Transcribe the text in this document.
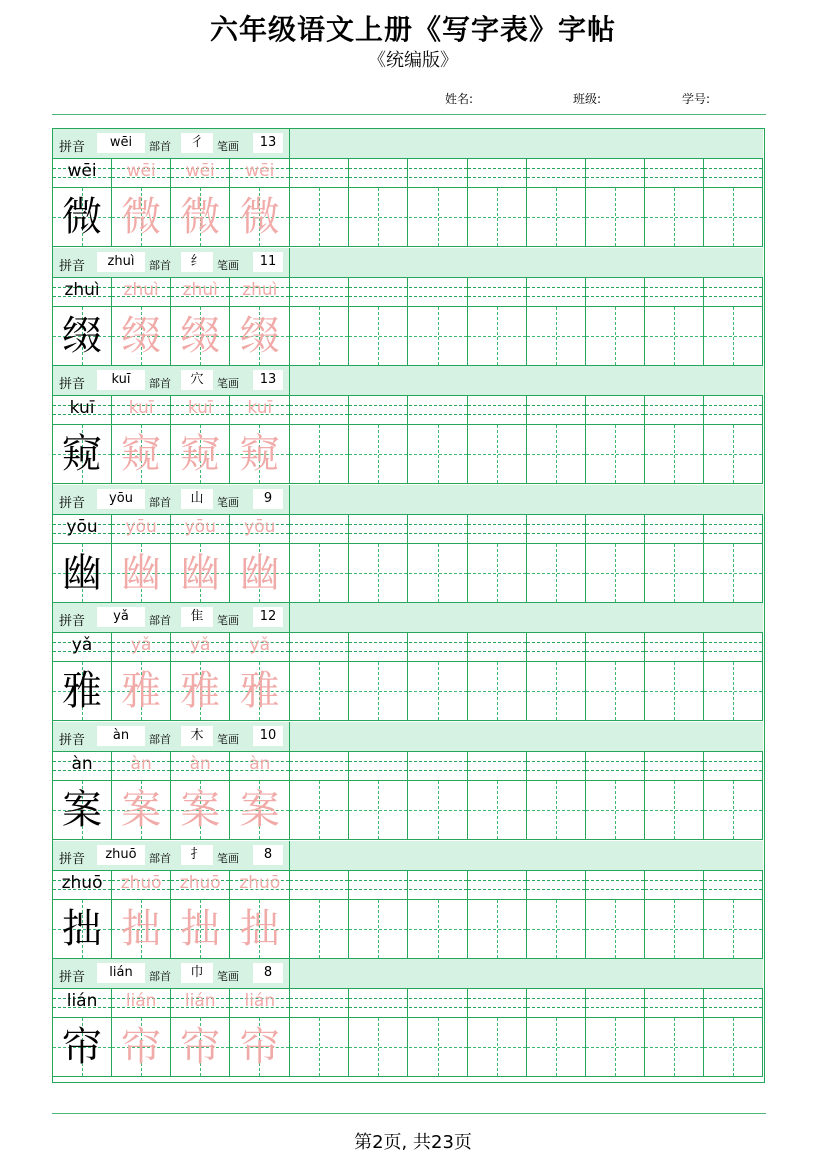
六年级语文上册《写字表》字帖
《统编版》
姓名:	班级:	学号:
拼音	wēi	部首	彳	笔画	13
wēi	wēi	wēi	wēi
微 微 微 微
拼音	zhuì	部首	纟	笔画	11
zhuì	zhuì	zhuì	zhuì
缀 缀 缀 缀
拼音	kuī	部首	穴	笔画	13
kuī	kuī	kuī	kuī
窥 窥 窥 窥
拼音	yōu	部首	山	笔画	9
yōu	yōu	yōu	yōu
幽 幽 幽 幽
拼音	yǎ	部首	隹	笔画	12
yǎ	yǎ	yǎ	yǎ
雅 雅 雅 雅
拼音	àn	部首	木	笔画	10
àn	àn	àn	àn
案 案 案 案
拼音	zhuō	部首	扌	笔画	8
zhuō	zhuō	zhuō	zhuō
拙 拙 拙 拙
拼音	lián	部首	巾	笔画	8
lián	lián	lián	lián
帘 帘 帘 帘
第2页, 共23页
